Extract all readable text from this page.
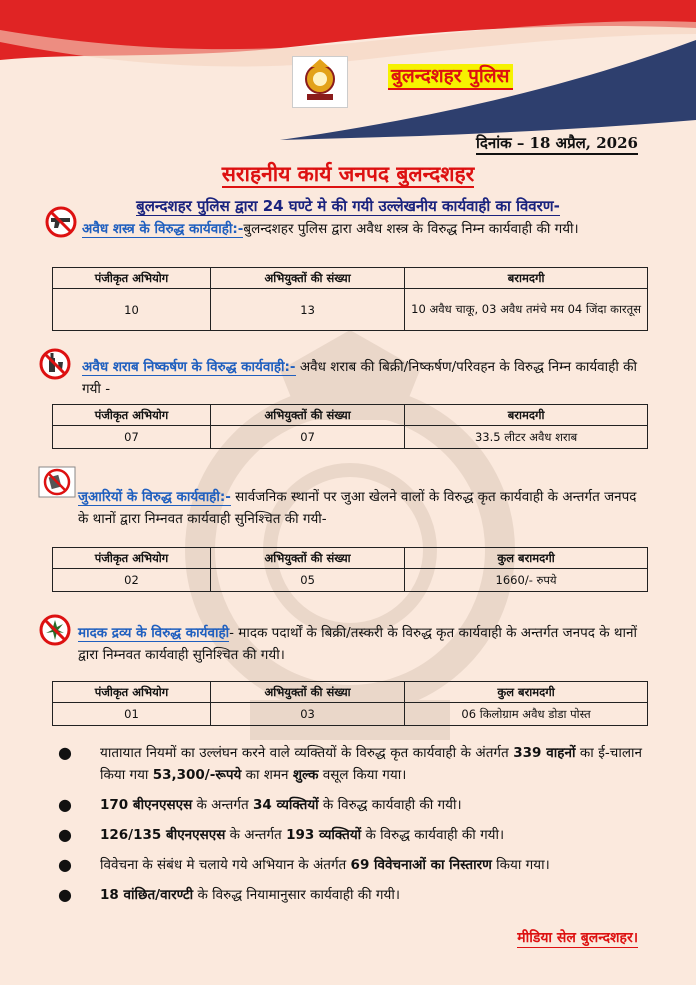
बुलन्दशहर पुलिस
दिनांक – 18 अप्रैल, 2026
सराहनीय कार्य जनपद बुलन्दशहर
बुलन्दशहर पुलिस द्वारा 24 घण्टे मे की गयी उल्लेखनीय कार्यवाही का विवरण-
अवैध शस्त्र के विरुद्ध कार्यवाही:-बुलन्दशहर पुलिस द्वारा अवैध शस्त्र के विरुद्ध निम्न कार्यवाही की गयी।
पंजीकृत अभियोग	अभियुक्तों की संख्या	बरामदगी
10	13	10 अवैध चाकू, 03 अवैध तमंचे मय 04 जिंदा कारतूस
अवैध शराब निष्कर्षण के विरुद्ध कार्यवाही:- अवैध शराब की बिक्री/निष्कर्षण/परिवहन के विरुद्ध निम्न कार्यवाही की गयी -
पंजीकृत अभियोग	अभियुक्तों की संख्या	बरामदगी
07	07	33.5 लीटर अवैध शराब
जुआरियों के विरुद्ध कार्यवाही:- सार्वजनिक स्थानों पर जुआ खेलने वालों के विरुद्ध कृत कार्यवाही के अन्तर्गत जनपद के थानों द्वारा निम्नवत कार्यवाही सुनिश्चित की गयी-
पंजीकृत अभियोग	अभियुक्तों की संख्या	कुल बरामदगी
02	05	1660/- रुपये
मादक द्रव्य के विरुद्ध कार्यवाही- मादक पदार्थों के बिक्री/तस्करी के विरुद्ध कृत कार्यवाही के अन्तर्गत जनपद के थानों द्वारा निम्नवत कार्यवाही सुनिश्चित की गयी।
पंजीकृत अभियोग	अभियुक्तों की संख्या	कुल बरामदगी
01	03	06 किलोग्राम अवैध डोडा पोस्त
● यातायात नियमों का उल्लंघन करने वाले व्यक्तियों के विरुद्ध कृत कार्यवाही के अंतर्गत 339 वाहनों का ई-चालान किया गया 53,300/-रूपये का शमन शुल्क वसूल किया गया।
● 170 बीएनएसएस के अन्तर्गत 34 व्यक्तियों के विरुद्ध कार्यवाही की गयी।
● 126/135 बीएनएसएस के अन्तर्गत 193 व्यक्तियों के विरुद्ध कार्यवाही की गयी।
● विवेचना के संबंध मे चलाये गये अभियान के अंतर्गत 69 विवेचनाओं का निस्तारण किया गया।
● 18 वांछित/वारण्टी के विरुद्ध नियामानुसार कार्यवाही की गयी।
मीडिया सेल बुलन्दशहर।
